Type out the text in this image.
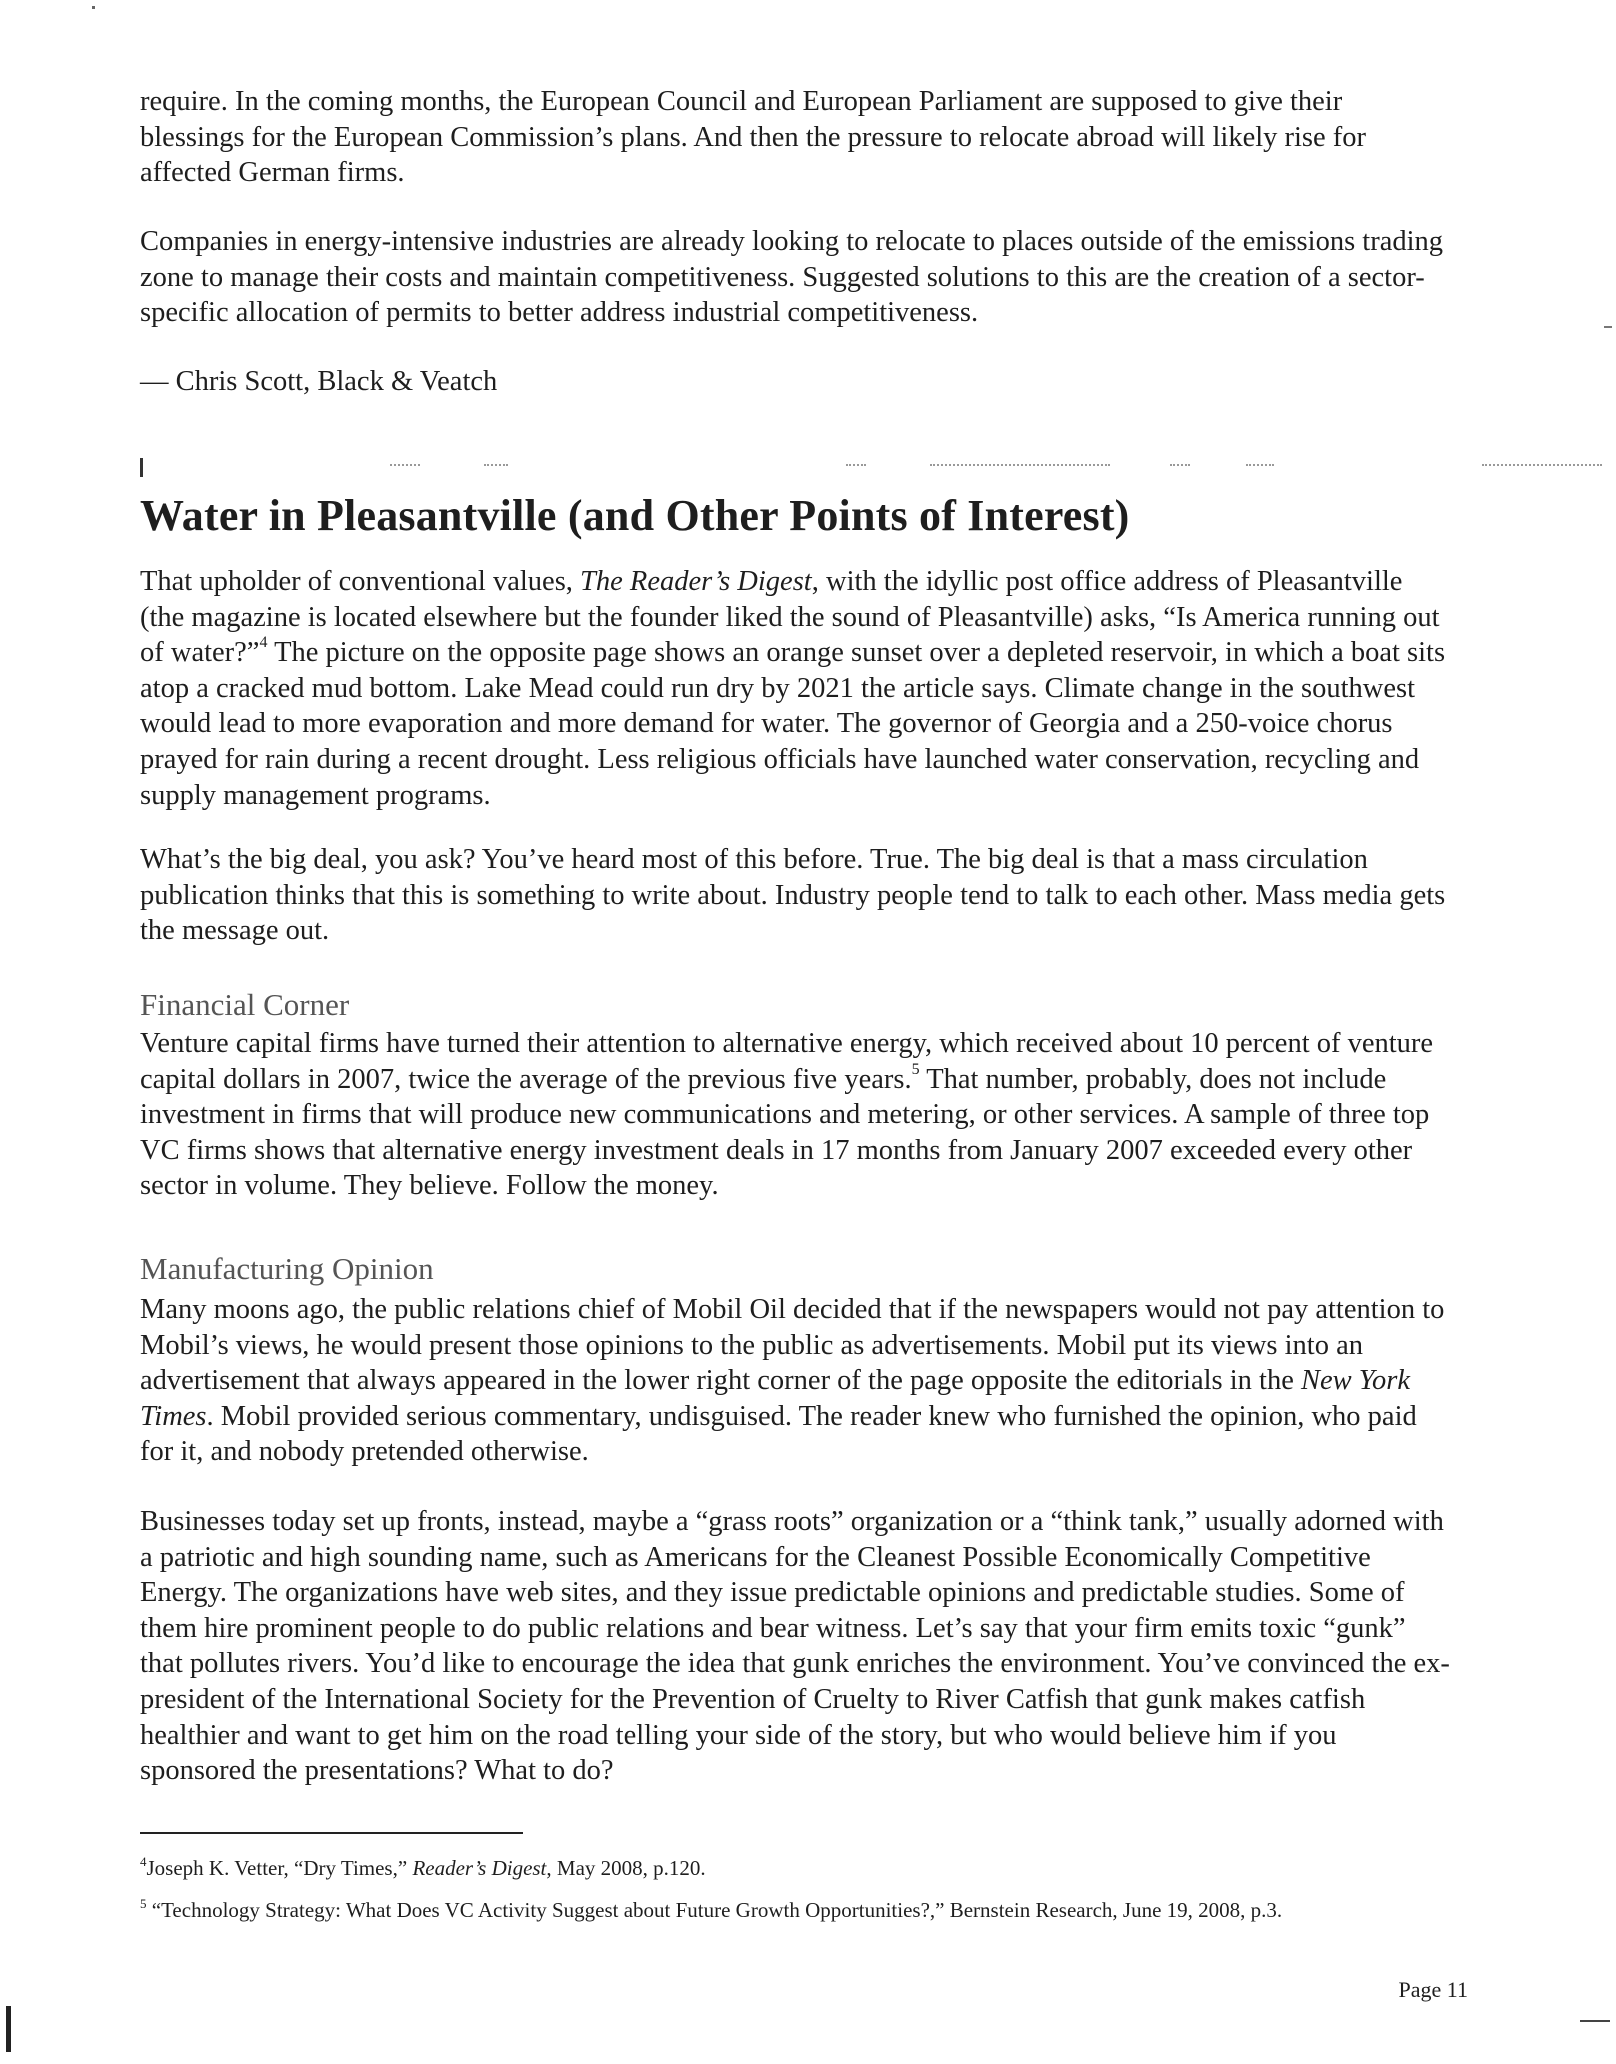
require. In the coming months, the European Council and European Parliament are supposed to give their blessings for the European Commission’s plans. And then the pressure to relocate abroad will likely rise for affected German firms.

Companies in energy-intensive industries are already looking to relocate to places outside of the emissions trading zone to manage their costs and maintain competitiveness. Suggested solutions to this are the creation of a sector-specific allocation of permits to better address industrial competitiveness.

— Chris Scott, Black & Veatch

Water in Pleasantville (and Other Points of Interest)

That upholder of conventional values, The Reader’s Digest, with the idyllic post office address of Pleasantville (the magazine is located elsewhere but the founder liked the sound of Pleasantville) asks, “Is America running out of water?”$^4$ The picture on the opposite page shows an orange sunset over a depleted reservoir, in which a boat sits atop a cracked mud bottom. Lake Mead could run dry by 2021 the article says. Climate change in the southwest would lead to more evaporation and more demand for water. The governor of Georgia and a 250-voice chorus prayed for rain during a recent drought. Less religious officials have launched water conservation, recycling and supply management programs.

What’s the big deal, you ask? You’ve heard most of this before. True. The big deal is that a mass circulation publication thinks that this is something to write about. Industry people tend to talk to each other. Mass media gets the message out.

Financial Corner

Venture capital firms have turned their attention to alternative energy, which received about 10 percent of venture capital dollars in 2007, twice the average of the previous five years.$^5$ That number, probably, does not include investment in firms that will produce new communications and metering, or other services. A sample of three top VC firms shows that alternative energy investment deals in 17 months from January 2007 exceeded every other sector in volume. They believe. Follow the money.

Manufacturing Opinion

Many moons ago, the public relations chief of Mobil Oil decided that if the newspapers would not pay attention to Mobil’s views, he would present those opinions to the public as advertisements. Mobil put its views into an advertisement that always appeared in the lower right corner of the page opposite the editorials in the New York Times. Mobil provided serious commentary, undisguised. The reader knew who furnished the opinion, who paid for it, and nobody pretended otherwise.

Businesses today set up fronts, instead, maybe a “grass roots” organization or a “think tank,” usually adorned with a patriotic and high sounding name, such as Americans for the Cleanest Possible Economically Competitive Energy. The organizations have web sites, and they issue predictable opinions and predictable studies. Some of them hire prominent people to do public relations and bear witness. Let’s say that your firm emits toxic “gunk” that pollutes rivers. You’d like to encourage the idea that gunk enriches the environment. You’ve convinced the ex-president of the International Society for the Prevention of Cruelty to River Catfish that gunk makes catfish healthier and want to get him on the road telling your side of the story, but who would believe him if you sponsored the presentations? What to do?

$^4$Joseph K. Vetter, “Dry Times,” Reader’s Digest, May 2008, p.120.

$^5$ “Technology Strategy: What Does VC Activity Suggest about Future Growth Opportunities?,” Bernstein Research, June 19, 2008, p.3.

Page 11
